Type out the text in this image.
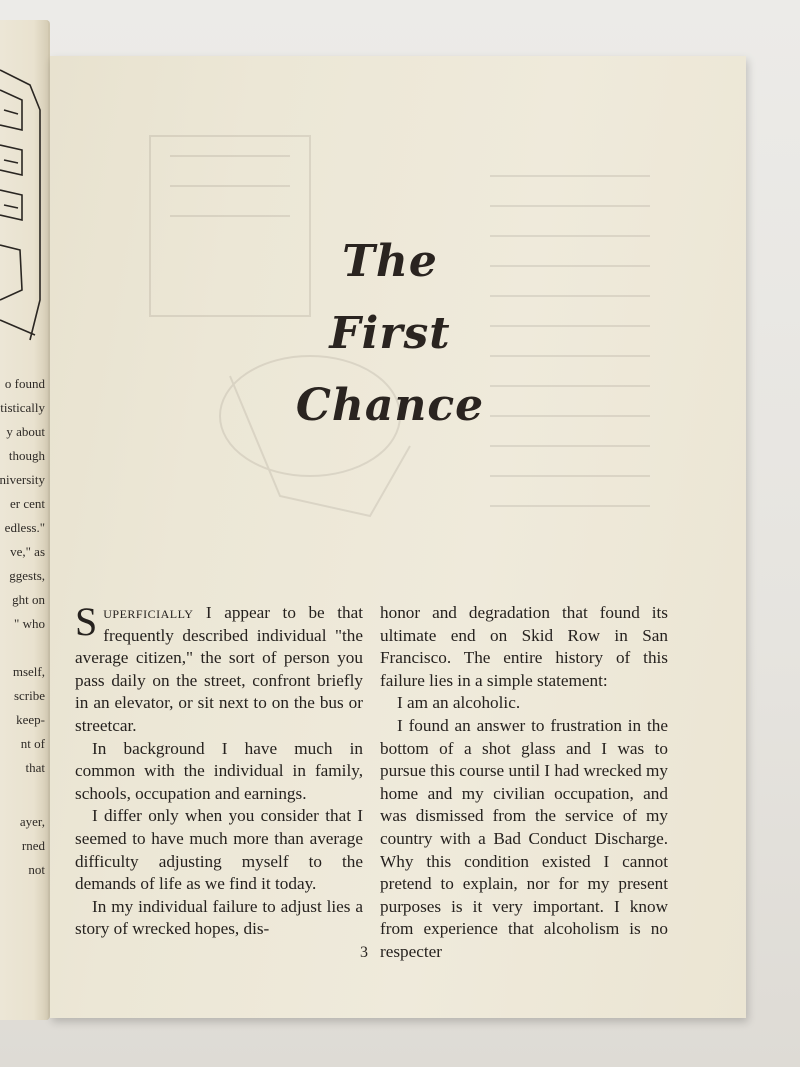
o found
tistically
y about
though
niversity
er cent
edless."
ve," as
ggests,
ght on
" who
mself,
scribe
keep-
nt of
that
ayer,
rned
not
The
First
Chance

Superficially I appear to be that frequently described individual "the average citizen," the sort of person you pass daily on the street, confront briefly in an elevator, or sit next to on the bus or streetcar.

In background I have much in common with the individual in family, schools, occupation and earnings.

I differ only when you consider that I seemed to have much more than average difficulty adjusting myself to the demands of life as we find it today.

In my individual failure to adjust lies a story of wrecked hopes, dis-

honor and degradation that found its ultimate end on Skid Row in San Francisco. The entire history of this failure lies in a simple statement:

I am an alcoholic.

I found an answer to frustration in the bottom of a shot glass and I was to pursue this course until I had wrecked my home and my civilian occupation, and was dismissed from the service of my country with a Bad Conduct Discharge. Why this condition existed I cannot pretend to explain, nor for my present purposes is it very important. I know from experience that alcoholism is no respecter

3
